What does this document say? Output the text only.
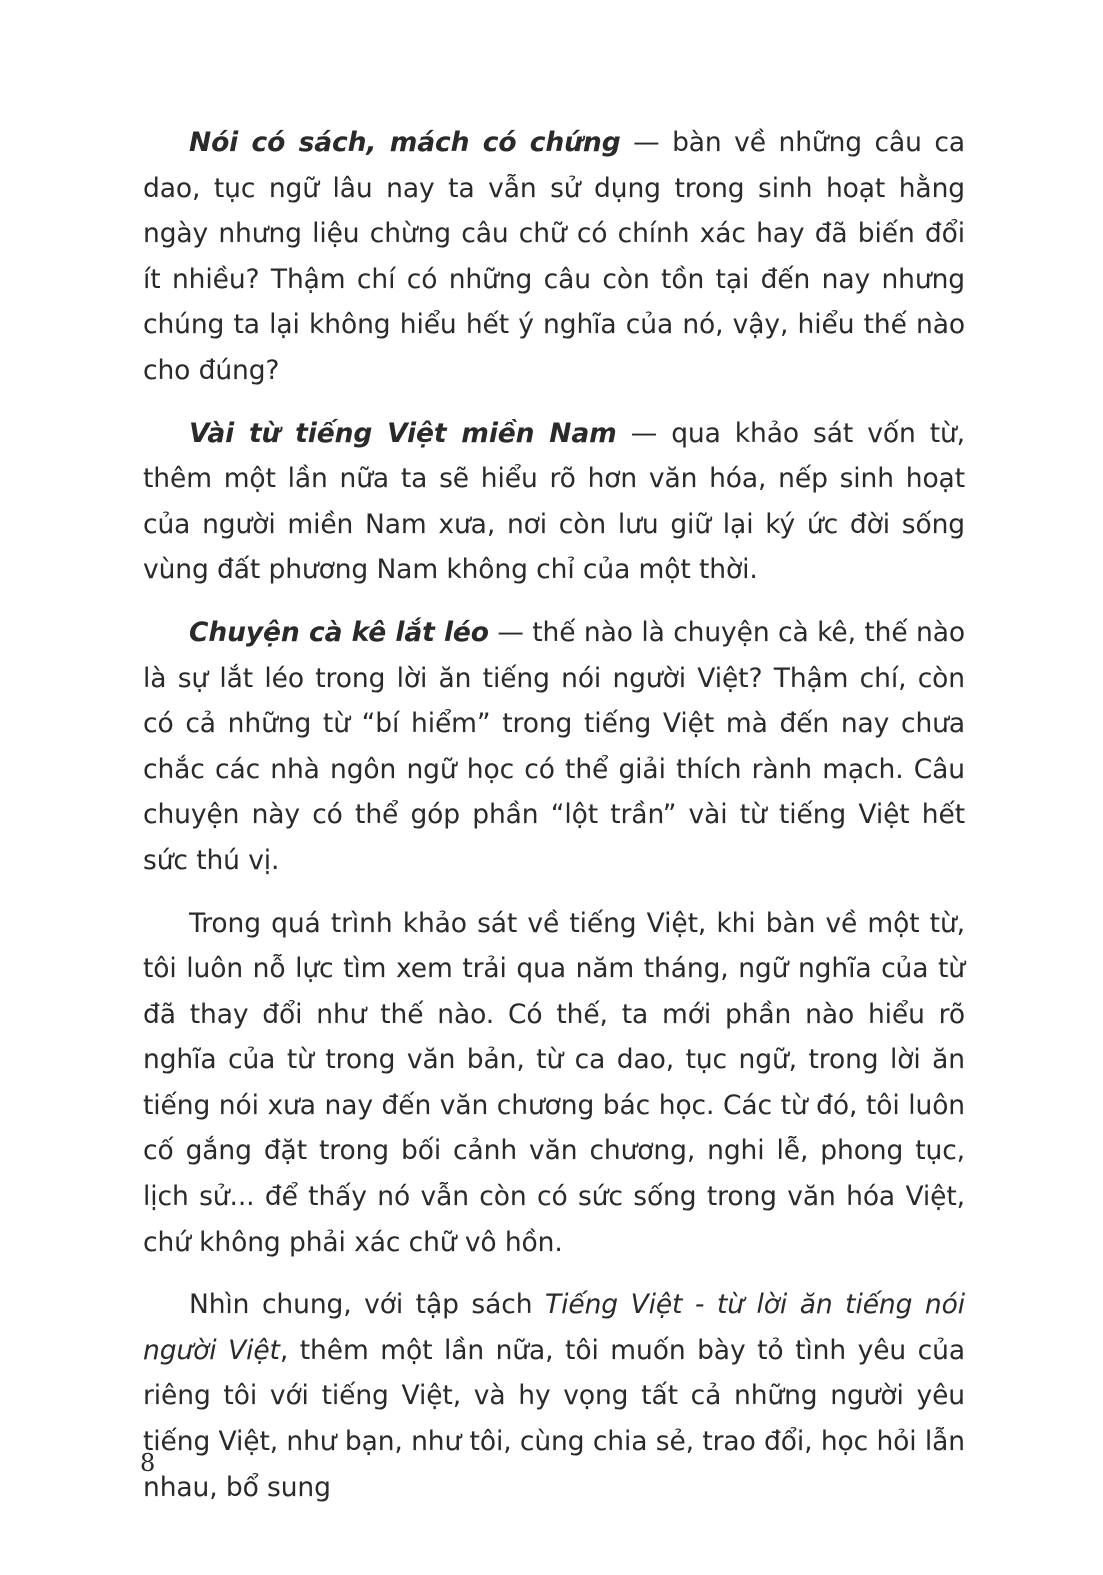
Nói có sách, mách có chứng — bàn về những câu ca dao, tục ngữ lâu nay ta vẫn sử dụng trong sinh hoạt hằng ngày nhưng liệu chừng câu chữ có chính xác hay đã biến đổi ít nhiều? Thậm chí có những câu còn tồn tại đến nay nhưng chúng ta lại không hiểu hết ý nghĩa của nó, vậy, hiểu thế nào cho đúng?

Vài từ tiếng Việt miền Nam — qua khảo sát vốn từ, thêm một lần nữa ta sẽ hiểu rõ hơn văn hóa, nếp sinh hoạt của người miền Nam xưa, nơi còn lưu giữ lại ký ức đời sống vùng đất phương Nam không chỉ của một thời.

Chuyện cà kê lắt léo — thế nào là chuyện cà kê, thế nào là sự lắt léo trong lời ăn tiếng nói người Việt? Thậm chí, còn có cả những từ “bí hiểm” trong tiếng Việt mà đến nay chưa chắc các nhà ngôn ngữ học có thể giải thích rành mạch. Câu chuyện này có thể góp phần “lột trần” vài từ tiếng Việt hết sức thú vị.

Trong quá trình khảo sát về tiếng Việt, khi bàn về một từ, tôi luôn nỗ lực tìm xem trải qua năm tháng, ngữ nghĩa của từ đã thay đổi như thế nào. Có thế, ta mới phần nào hiểu rõ nghĩa của từ trong văn bản, từ ca dao, tục ngữ, trong lời ăn tiếng nói xưa nay đến văn chương bác học. Các từ đó, tôi luôn cố gắng đặt trong bối cảnh văn chương, nghi lễ, phong tục, lịch sử... để thấy nó vẫn còn có sức sống trong văn hóa Việt, chứ không phải xác chữ vô hồn.

Nhìn chung, với tập sách Tiếng Việt - từ lời ăn tiếng nói người Việt, thêm một lần nữa, tôi muốn bày tỏ tình yêu của riêng tôi với tiếng Việt, và hy vọng tất cả những người yêu tiếng Việt, như bạn, như tôi, cùng chia sẻ, trao đổi, học hỏi lẫn nhau, bổ sung

8
